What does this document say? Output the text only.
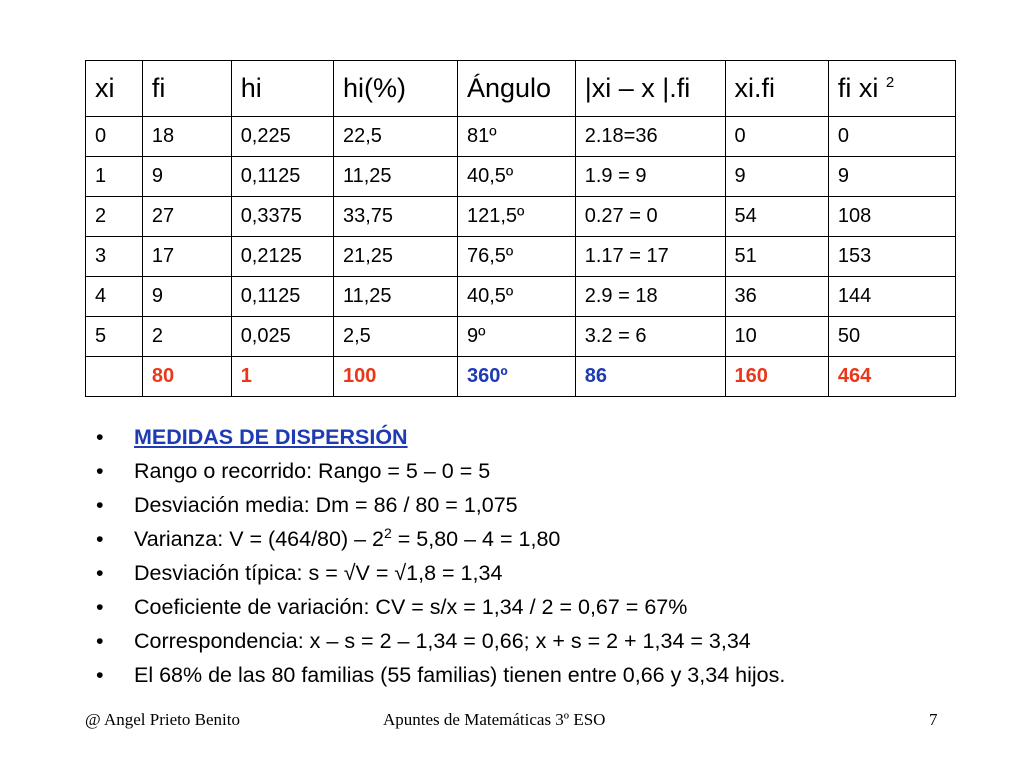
xi	fi	hi	hi(%)	Ángulo	|xi – x |.fi	xi.fi	fi xi $^2$
0	18	0,225	22,5	81º	2.18=36	0	0
1	9	0,1125	11,25	40,5º	1.9 = 9	9	9
2	27	0,3375	33,75	121,5º	0.27 = 0	54	108
3	17	0,2125	21,25	76,5º	1.17 = 17	51	153
4	9	0,1125	11,25	40,5º	2.9 = 18	36	144
5	2	0,025	2,5	9º	3.2 = 6	10	50
	80	1	100	360º	86	160	464
• MEDIDAS DE DISPERSIÓN
• Rango o recorrido: Rango = 5 – 0 = 5
• Desviación media: Dm = 86 / 80 = 1,075
• Varianza: $V = (464/80) - 2^2 = 5,80 - 4 = 1,80$
• Desviación típica: s = √V = √1,8 = 1,34
• Coeficiente de variación: CV = s/x = 1,34 / 2 = 0,67 = 67%
• Correspondencia: x – s = 2 – 1,34 = 0,66; x + s = 2 + 1,34 = 3,34
• El 68% de las 80 familias (55 familias) tienen entre 0,66 y 3,34 hijos.
@ Angel Prieto Benito	Apuntes de Matemáticas 3º ESO	7
